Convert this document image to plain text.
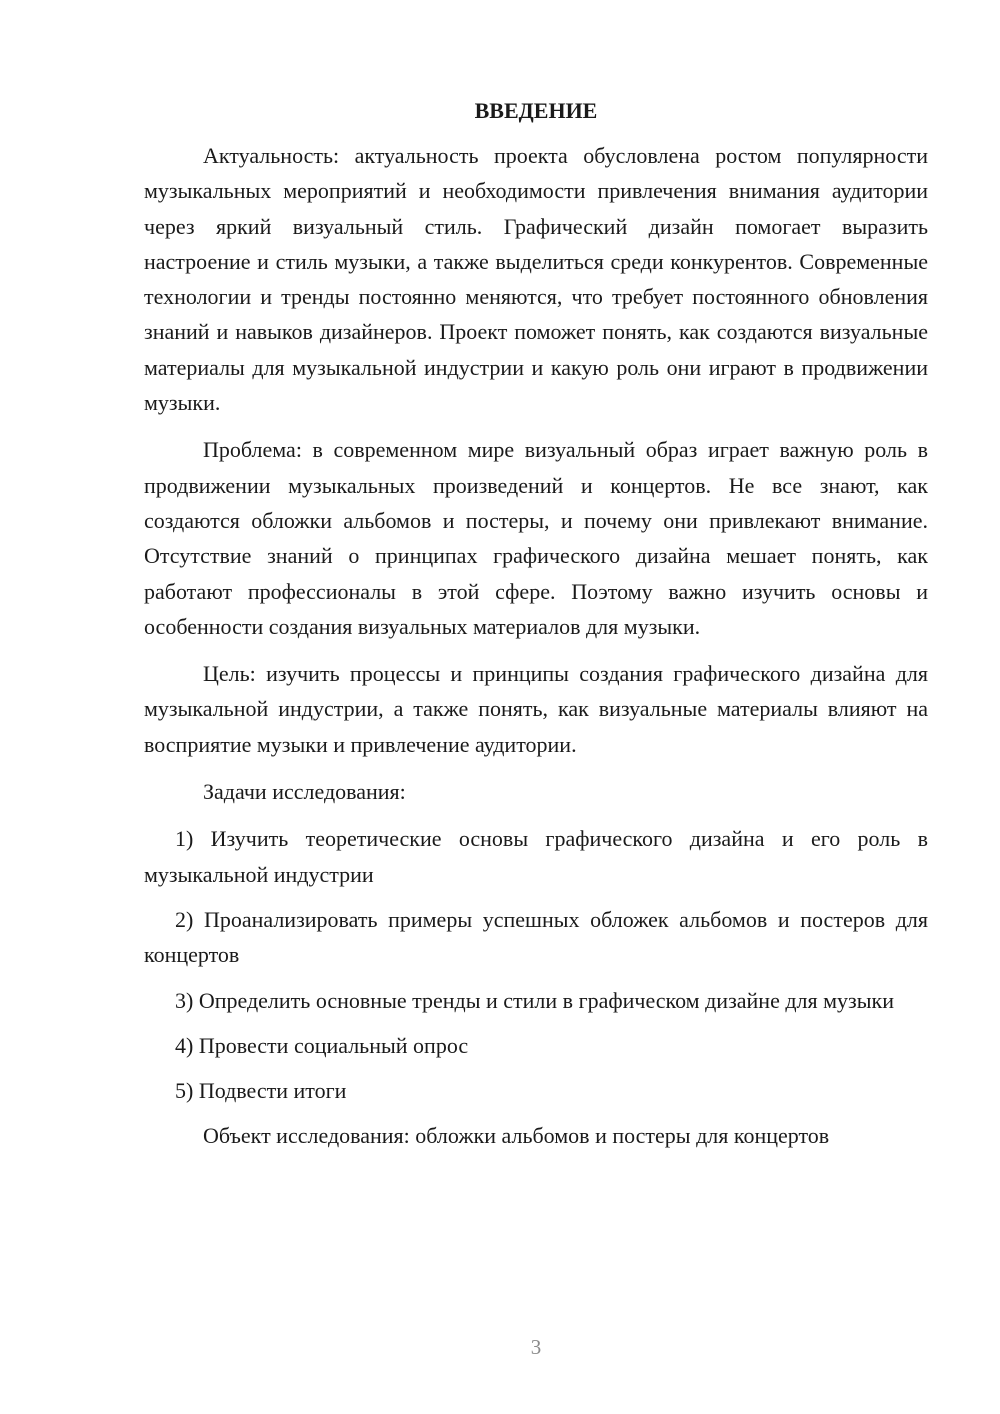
ВВЕДЕНИЕ

Актуальность: актуальность проекта обусловлена ростом популярности музыкальных мероприятий и необходимости привлечения внимания аудитории через яркий визуальный стиль. Графический дизайн помогает выразить настроение и стиль музыки, а также выделиться среди конкурентов. Современные технологии и тренды постоянно меняются, что требует постоянного обновления знаний и навыков дизайнеров. Проект поможет понять, как создаются визуальные материалы для музыкальной индустрии и какую роль они играют в продвижении музыки.

Проблема: в современном мире визуальный образ играет важную роль в продвижении музыкальных произведений и концертов. Не все знают, как создаются обложки альбомов и постеры, и почему они привлекают внимание. Отсутствие знаний о принципах графического дизайна мешает понять, как работают профессионалы в этой сфере. Поэтому важно изучить основы и особенности создания визуальных материалов для музыки.

Цель: изучить процессы и принципы создания графического дизайна для музыкальной индустрии, а также понять, как визуальные материалы влияют на восприятие музыки и привлечение аудитории.

Задачи исследования:

1) Изучить теоретические основы графического дизайна и его роль в музыкальной индустрии

2) Проанализировать примеры успешных обложек альбомов и постеров для концертов

3) Определить основные тренды и стили в графическом дизайне для музыки

4) Провести социальный опрос

5) Подвести итоги

Объект исследования: обложки альбомов и постеры для концертов

3
